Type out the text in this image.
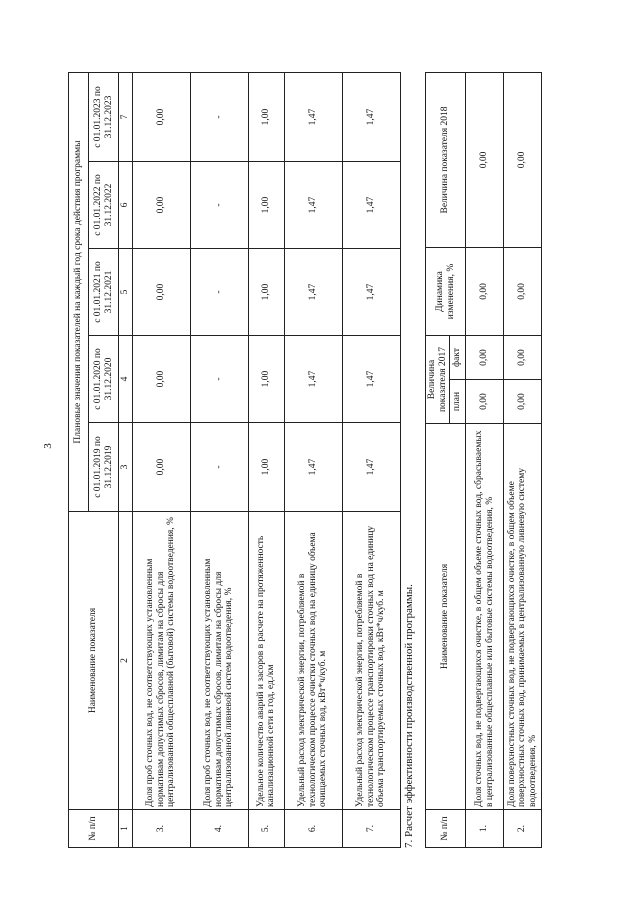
3
№ п/п	Наименование показателя	Плановые значения показателей на каждый год срока действия программы				
		с 01.01.2019 по 31.12.2019	с 01.01.2020 по 31.12.2020	с 01.01.2021 по 31.12.2021	с 01.01.2022 по 31.12.2022	с 01.01.2023 по 31.12.2023
1	2	3	4	5	6	7
3.	Доля проб сточных вод, не соответствующих установленным нормативам допустимых сбросов, лимитам на сбросы для централизованной общесплавной (бытовой) системы водоотведения, %	0,00	0,00	0,00	0,00	0,00
4.	Доля проб сточных вод, не соответствующих установленным нормативам допустимых сбросов, лимитам на сбросы для централизованной ливневой систем водоотведения, %	-	-	-	-	-
5.	Удельное количество аварий и засоров в расчете на протяженность канализационной сети в год, ед./км	1,00	1,00	1,00	1,00	1,00
6.	Удельный расход электрической энергии, потребляемой в технологическом процессе очистки сточных вод на единицу объема очищаемых сточных вод, кВт*ч/куб. м	1,47	1,47	1,47	1,47	1,47
7.	Удельный расход электрической энергии, потребляемой в технологическом процессе транспортировки сточных вод на единицу объема транспортируемых сточных вод, кВт*ч/куб. м	1,47	1,47	1,47	1,47	1,47
7. Расчет эффективности производственной программы.	№ п/п	Наименование показателя	Величина показателя 2017		Динамика изменения, %	Величина показателя 2018
		план	факт		
1.	Доля сточных вод, не подвергающихся очистке, в общем объеме сточных вод, сбрасываемых в централизованные общесплавные или бытовые системы водоотведения, %	0,00	0,00	0,00	0,00
2.	Доля поверхностных сточных вод, не подвергающихся очистке, в общем объеме поверхностных сточных вод, принимаемых в централизованную ливневую систему водоотведения, %	0,00	0,00	0,00	0,00
